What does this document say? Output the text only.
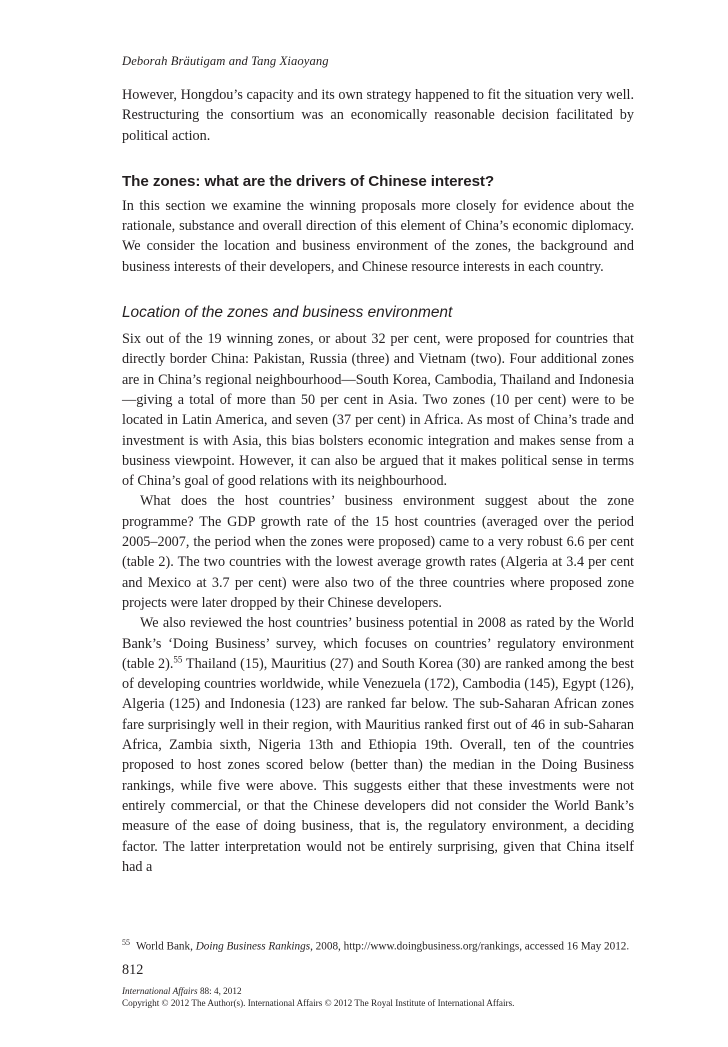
Deborah Bräutigam and Tang Xiaoyang

However, Hongdou’s capacity and its own strategy happened to fit the situation very well. Restructuring the consortium was an economically reasonable decision facilitated by political action.

The zones: what are the drivers of Chinese interest?

In this section we examine the winning proposals more closely for evidence about the rationale, substance and overall direction of this element of China’s economic diplomacy. We consider the location and business environment of the zones, the background and business interests of their developers, and Chinese resource interests in each country.

Location of the zones and business environment

Six out of the 19 winning zones, or about 32 per cent, were proposed for countries that directly border China: Pakistan, Russia (three) and Vietnam (two). Four additional zones are in China’s regional neighbourhood—South Korea, Cambodia, Thailand and Indonesia—giving a total of more than 50 per cent in Asia. Two zones (10 per cent) were to be located in Latin America, and seven (37 per cent) in Africa. As most of China’s trade and investment is with Asia, this bias bolsters economic integration and makes sense from a business viewpoint. However, it can also be argued that it makes political sense in terms of China’s goal of good relations with its neighbourhood.

What does the host countries’ business environment suggest about the zone programme? The GDP growth rate of the 15 host countries (averaged over the period 2005–2007, the period when the zones were proposed) came to a very robust 6.6 per cent (table 2). The two countries with the lowest average growth rates (Algeria at 3.4 per cent and Mexico at 3.7 per cent) were also two of the three countries where proposed zone projects were later dropped by their Chinese developers.

We also reviewed the host countries’ business potential in 2008 as rated by the World Bank’s ‘Doing Business’ survey, which focuses on countries’ regulatory environment (table 2).$^{55}$ Thailand (15), Mauritius (27) and South Korea (30) are ranked among the best of developing countries worldwide, while Venezuela (172), Cambodia (145), Egypt (126), Algeria (125) and Indonesia (123) are ranked far below. The sub-Saharan African zones fare surprisingly well in their region, with Mauritius ranked first out of 46 in sub-Saharan Africa, Zambia sixth, Nigeria 13th and Ethiopia 19th. Overall, ten of the countries proposed to host zones scored below (better than) the median in the Doing Business rankings, while five were above. This suggests either that these investments were not entirely commercial, or that the Chinese developers did not consider the World Bank’s measure of the ease of doing business, that is, the regulatory environment, a deciding factor. The latter interpretation would not be entirely surprising, given that China itself had a

$^{55}$ World Bank, Doing Business Rankings, 2008, http://www.doingbusiness.org/rankings, accessed 16 May 2012.
812
International Affairs 88: 4, 2012
Copyright © 2012 The Author(s). International Affairs © 2012 The Royal Institute of International Affairs.
